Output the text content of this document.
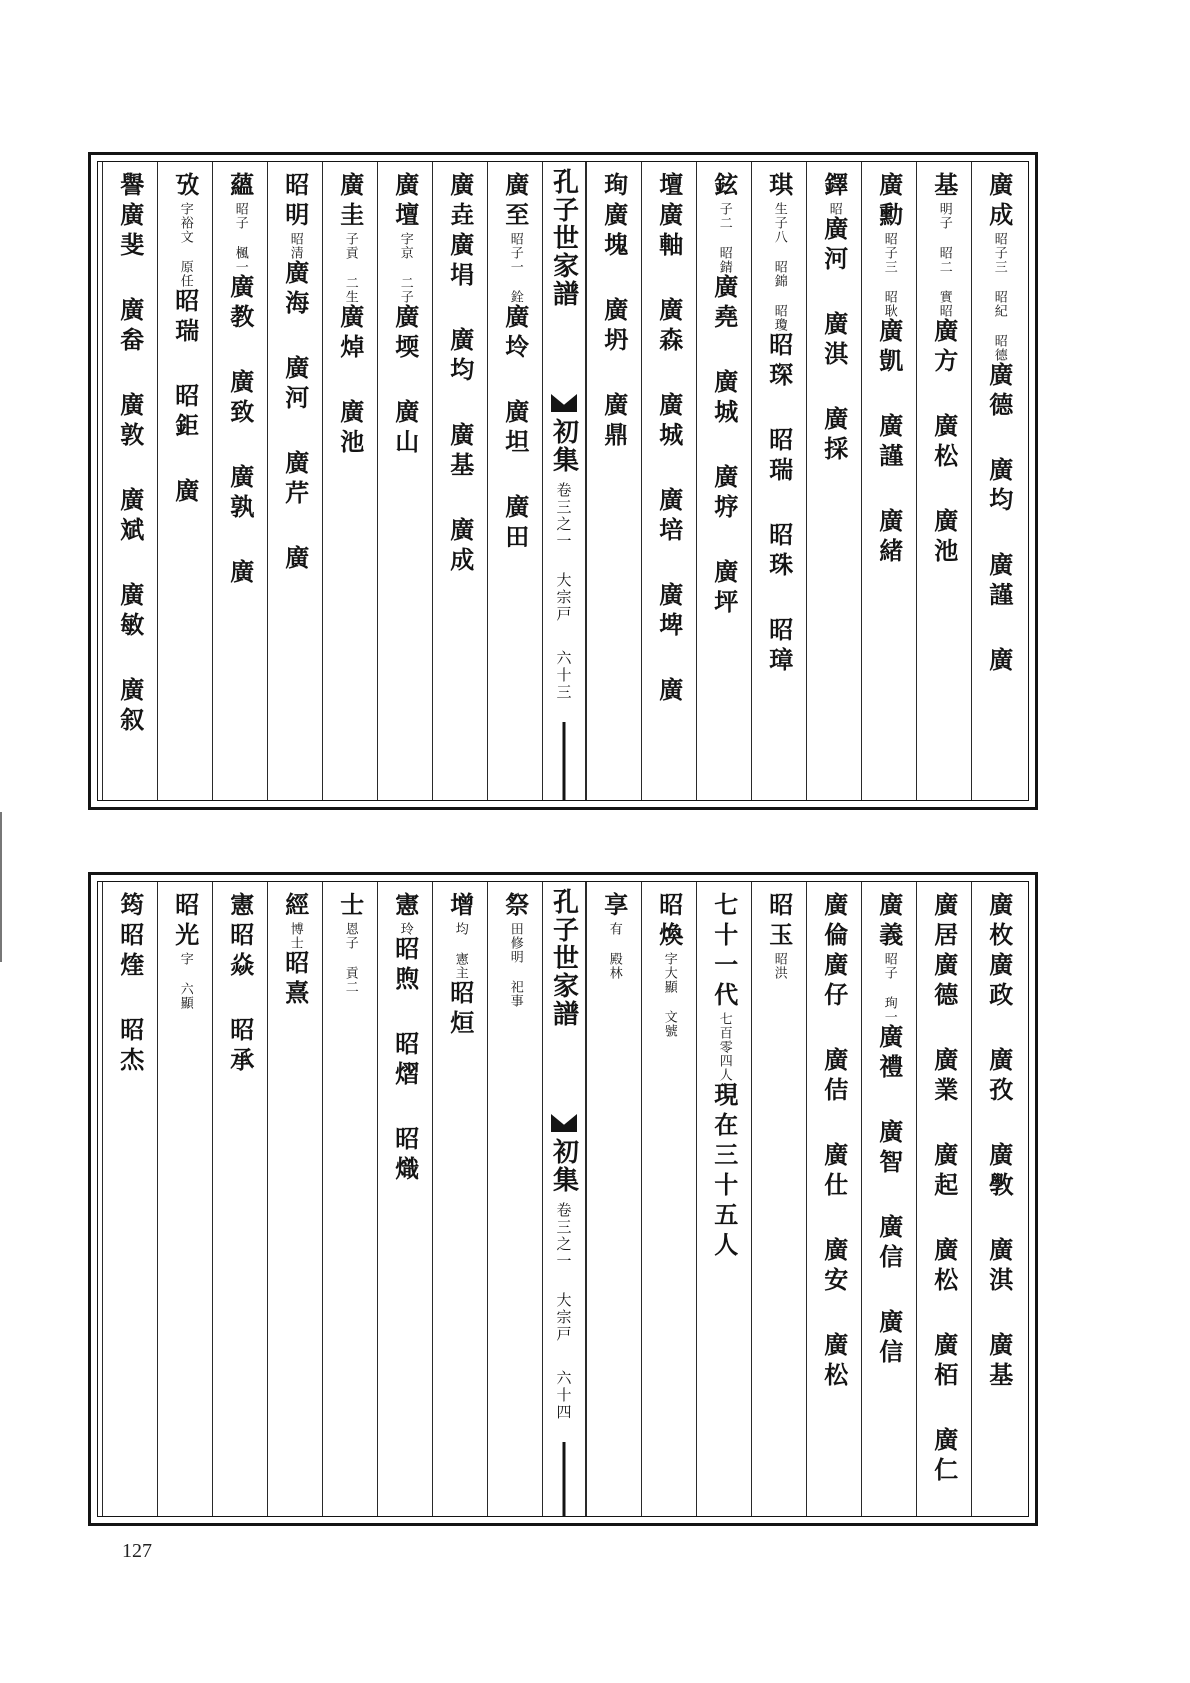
孔子世家譜
初集
卷三之一
大宗戸
六十三
廣成昭子三 昭紀 昭德廣德 廣均 廣謹 廣
基明子 昭二 實昭廣方 廣松 廣池
廣勳昭子三 昭耿廣凱 廣謹 廣緒
鐸昭廣河 廣淇 廣採
琪生子八 昭錦 昭瓊昭琛 昭瑞 昭珠 昭璋
鉉子二 昭錆廣堯 廣城 廣垿 廣坪
壇廣軸 廣森 廣城 廣培 廣埤 廣
珣廣塊 廣坍 廣鼎
廣至昭子一 銓廣坽 廣坦 廣田
廣垚廣埍 廣均 廣基 廣成
廣壇字京 二子廣堧 廣山
廣圭子貢 二生廣焯 廣池
昭明昭清廣海 廣河 廣芹 廣
蘊昭子 楓一廣教 廣致 廣孰 廣
攷字裕文 原任昭瑞 昭鉅 廣
譽廣斐 廣畚 廣敦 廣斌 廣敏 廣叙
孔子世家譜
初集
卷三之一
大宗戸
六十四
廣枚廣政 廣孜 廣斆 廣淇 廣基
廣居廣德 廣業 廣起 廣松 廣栢 廣仁
廣義昭子 珣一廣禮 廣智 廣信 廣信
廣倫廣仔 廣佶 廣仕 廣安 廣松
昭玉昭洪
七十一代七百零四人現在三十五人
昭煥字大顯 文號
享有 殿林
祭田修明 祀事
增均 憲主昭烜
憲玲昭煦 昭熠 昭熾
士恩子 貢二
經博士昭熹
憲昭焱 昭承
昭光字 六顯
筠昭煃 昭杰
127
